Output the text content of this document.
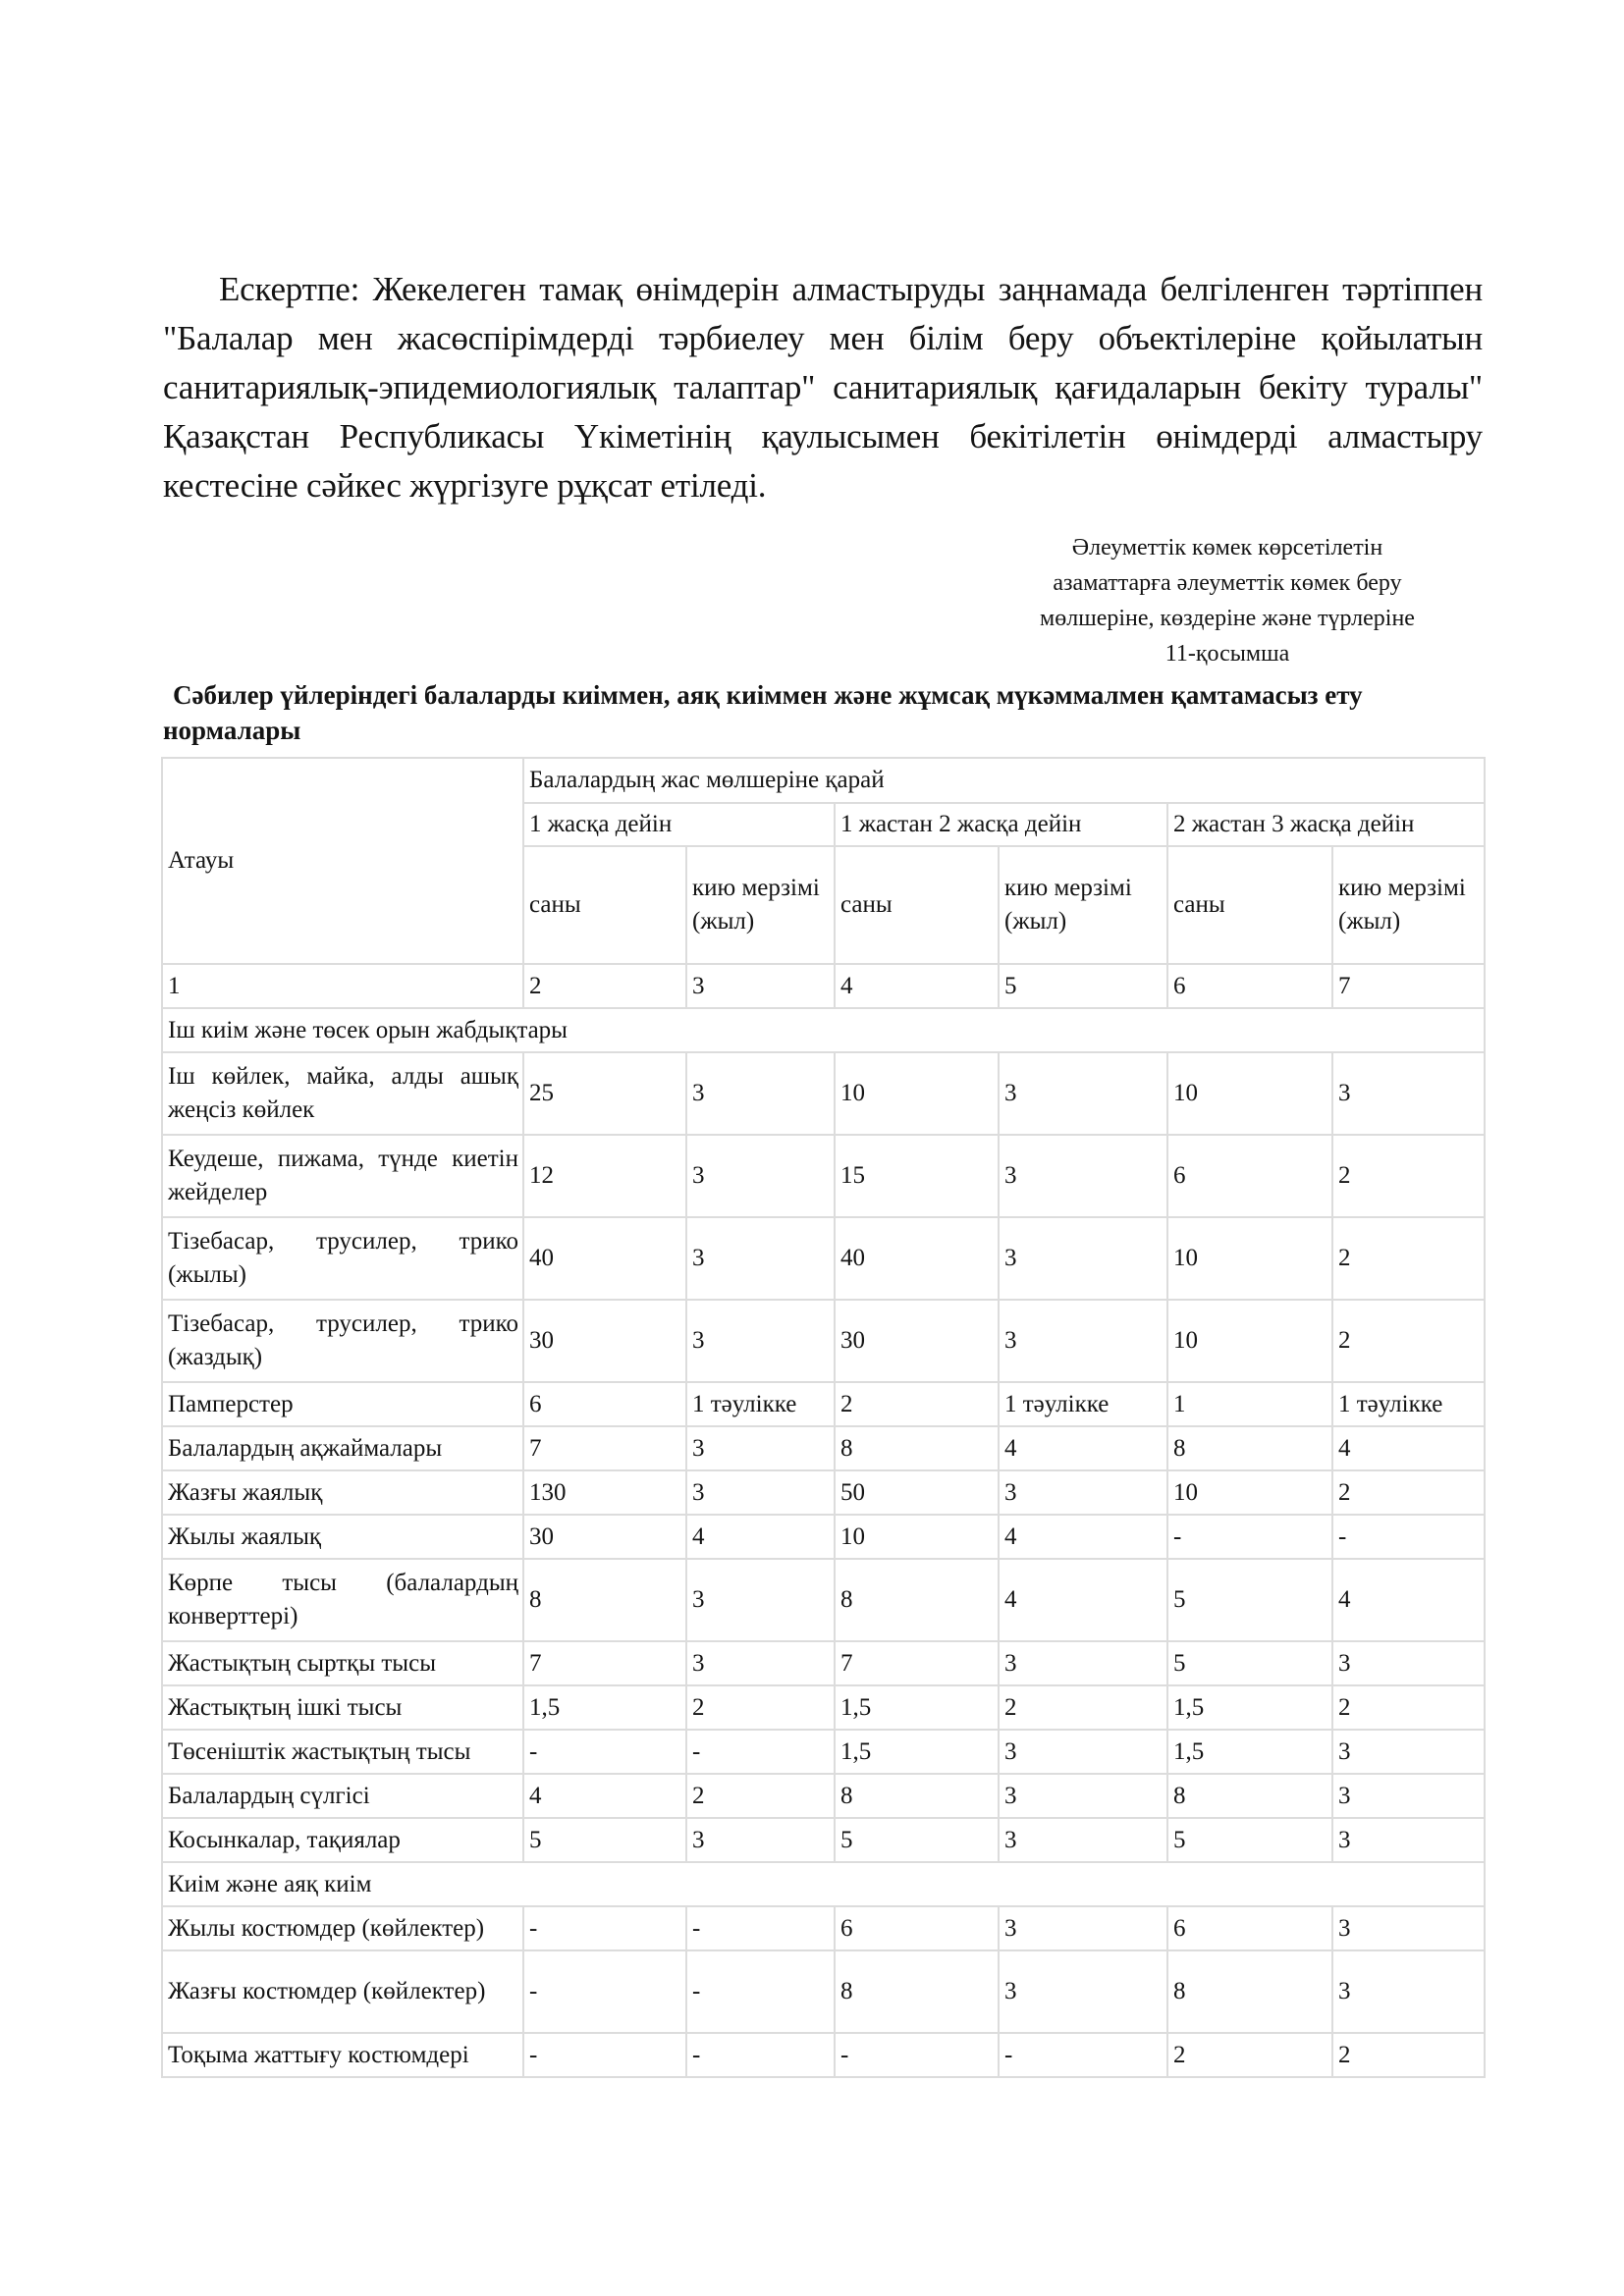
Ескертпе: Жекелеген тамақ өнімдерін алмастыруды заңнамада белгіленген тәртіппен "Балалар мен жасөспірімдерді тәрбиелеу мен білім беру объектілеріне қойылатын санитариялық-эпидемиологиялық талаптар" санитариялық қағидаларын бекіту туралы" Қазақстан Республикасы Үкіметінің қаулысымен бекітілетін өнімдерді алмастыру кестесіне сәйкес жүргізуге рұқсат етіледі.

Әлеуметтік көмек көрсетілетін
азаматтарға әлеуметтік көмек беру
мөлшеріне, көздеріне және түрлеріне
11-қосымша
Сәбилер үйлеріндегі балаларды киіммен, аяқ киіммен және жұмсақ мүкәммалмен қамтамасыз ету нормалары
Атауы	Балалардың жас мөлшеріне қарай					
	1 жасқа дейін		1 жастан 2 жасқа дейін		2 жастан 3 жасқа дейін	
	саны	кию мерзімі (жыл)	саны	кию мерзімі (жыл)	саны	кию мерзімі (жыл)
1	2	3	4	5	6	7
Іш киім және төсек орын жабдықтары						
Іш көйлек, майка, алды ашық жеңсіз көйлек	25	3	10	3	10	3
Кеудеше, пижама, түнде киетін жейделер	12	3	15	3	6	2
Тізебасар, трусилер, трико (жылы)	40	3	40	3	10	2
Тізебасар, трусилер, трико (жаздық)	30	3	30	3	10	2
Памперстер	6	1 тәулікке	2	1 тәулікке	1	1 тәулікке
Балалардың ақжаймалары	7	3	8	4	8	4
Жазғы жаялық	130	3	50	3	10	2
Жылы жаялық	30	4	10	4	-	-
Көрпе тысы (балалардың конверттері)	8	3	8	4	5	4
Жастықтың сыртқы тысы	7	3	7	3	5	3
Жастықтың ішкі тысы	1,5	2	1,5	2	1,5	2
Төсеніштік жастықтың тысы	-	-	1,5	3	1,5	3
Балалардың сүлгісі	4	2	8	3	8	3
Косынкалар, тақиялар	5	3	5	3	5	3
Киім және аяқ киім						
Жылы костюмдер (көйлектер)	-	-	6	3	6	3
Жазғы костюмдер (көйлектер)	-	-	8	3	8	3
Тоқыма жаттығу костюмдері	-	-	-	-	2	2
